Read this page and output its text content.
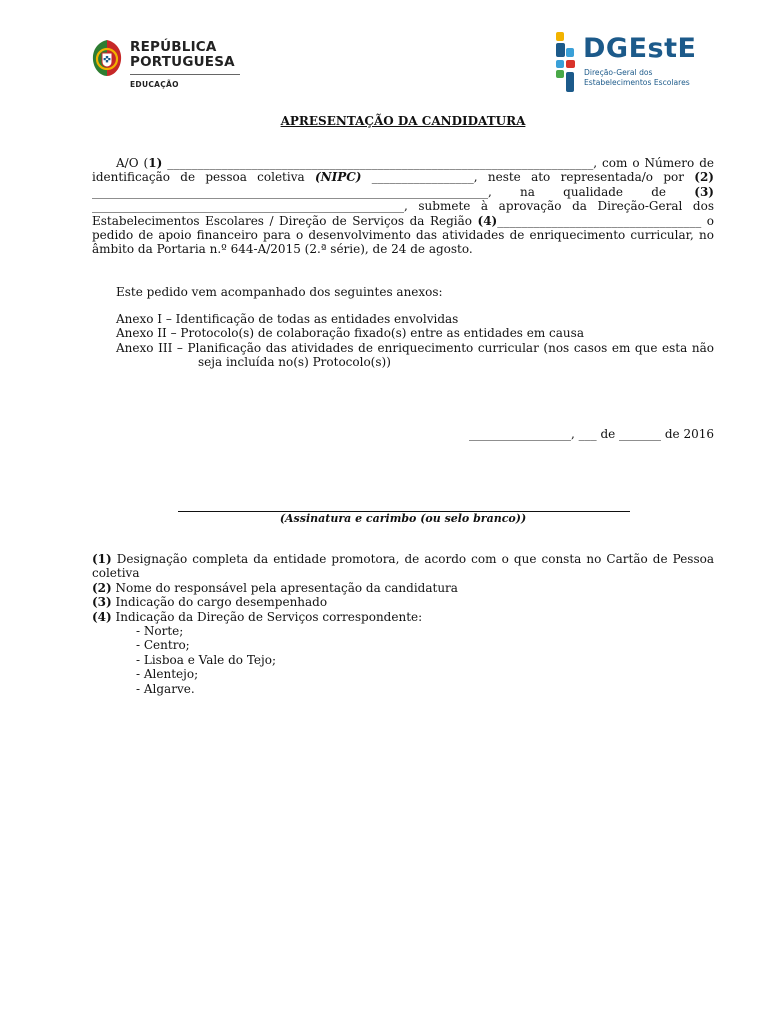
REPÚBLICA
PORTUGUESA
EDUCAÇÃO
DGEstE
Direção-Geral dos
Estabelecimentos Escolares
APRESENTAÇÃO DA CANDIDATURA
A/O (1) _______________________________________________________________________, com o Número de identificação de pessoa coletiva (NIPC) _________________, neste ato representada/o por (2) __________________________________________________________________, na qualidade de (3) ____________________________________________________, submete à aprovação da Direção-Geral dos Estabelecimentos Escolares / Direção de Serviços da Região (4)__________________________________ o pedido de apoio financeiro para o desenvolvimento das atividades de enriquecimento curricular, no âmbito da Portaria n.º 644-A/2015 (2.ª série), de 24 de agosto.
Este pedido vem acompanhado dos seguintes anexos:
Anexo I – Identificação de todas as entidades envolvidas
Anexo II – Protocolo(s) de colaboração fixado(s) entre as entidades em causa
Anexo III – Planificação das atividades de enriquecimento curricular (nos casos em que esta não seja incluída no(s) Protocolo(s))
_________________, ___ de _______ de 2016
(Assinatura e carimbo (ou selo branco))
(1) Designação completa da entidade promotora, de acordo com o que consta no Cartão de Pessoa coletiva
(2) Nome do responsável pela apresentação da candidatura
(3) Indicação do cargo desempenhado
(4) Indicação da Direção de Serviços correspondente:
- Norte;
- Centro;
- Lisboa e Vale do Tejo;
- Alentejo;
- Algarve.
